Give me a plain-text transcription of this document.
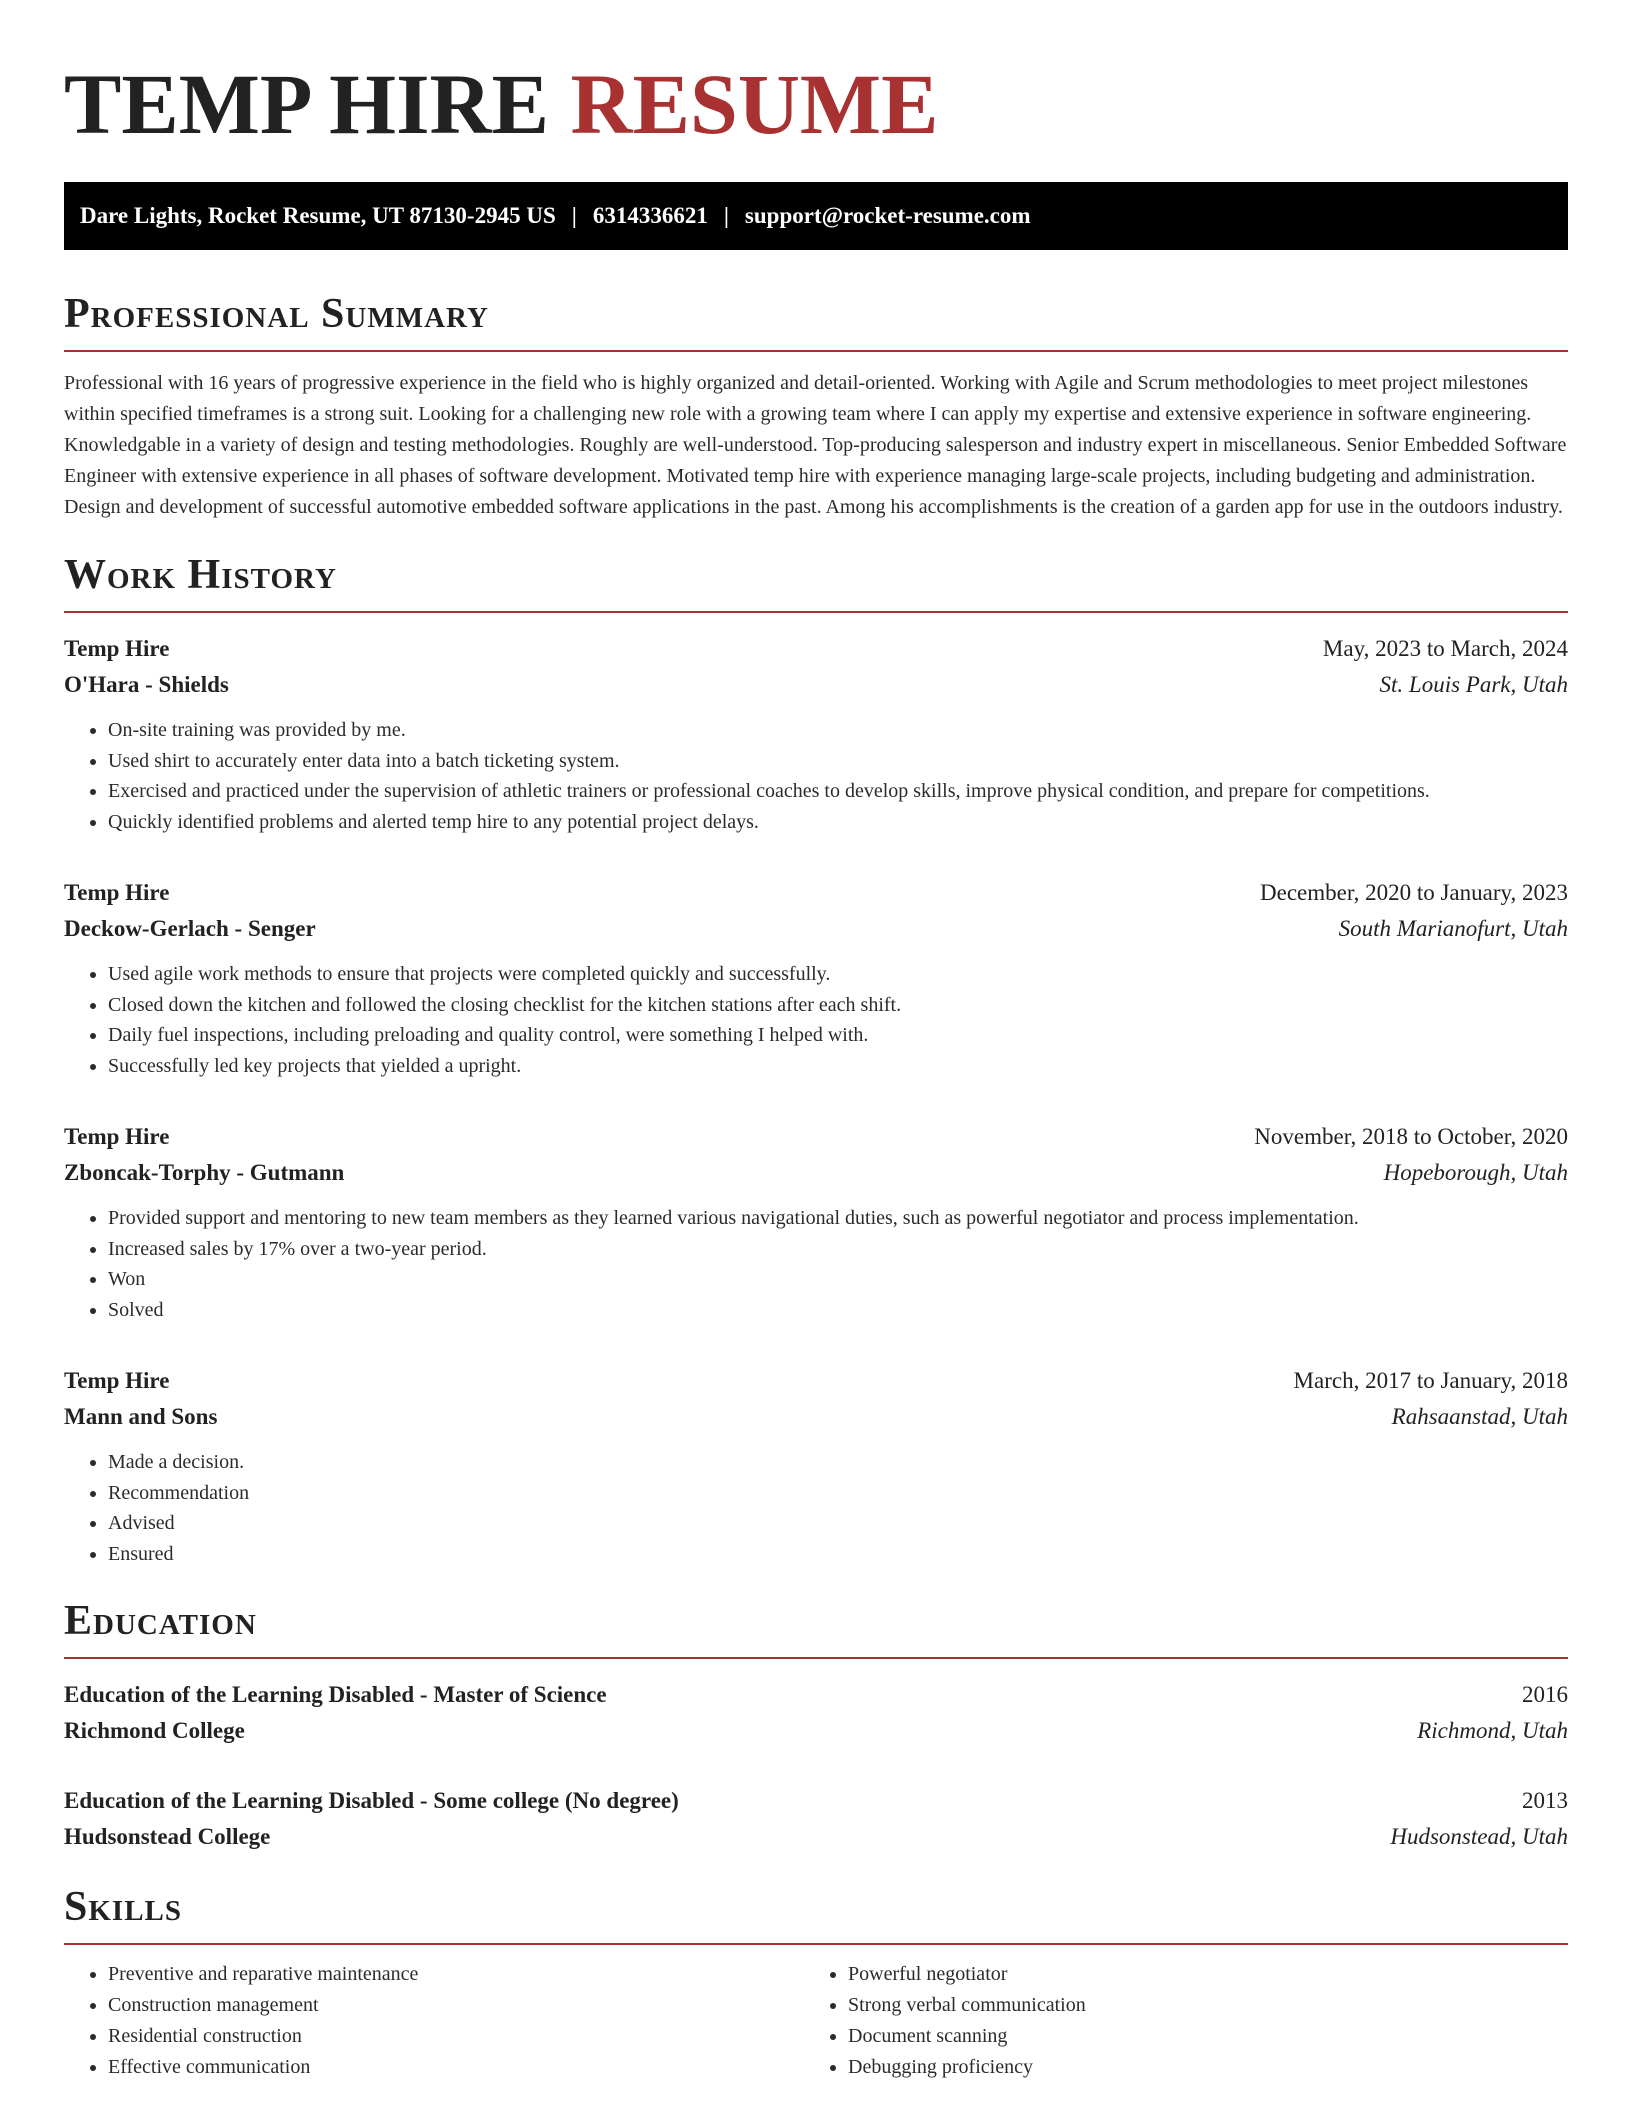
TEMP HIRE RESUME
Dare Lights, Rocket Resume, UT 87130-2945 US | 6314336621 | support@rocket-resume.com
Professional Summary

Professional with 16 years of progressive experience in the field who is highly organized and detail-oriented. Working with Agile and Scrum methodologies to meet project milestones within specified timeframes is a strong suit. Looking for a challenging new role with a growing team where I can apply my expertise and extensive experience in software engineering. Knowledgable in a variety of design and testing methodologies. Roughly are well-understood. Top-producing salesperson and industry expert in miscellaneous. Senior Embedded Software Engineer with extensive experience in all phases of software development. Motivated temp hire with experience managing large-scale projects, including budgeting and administration. Design and development of successful automotive embedded software applications in the past. Among his accomplishments is the creation of a garden app for use in the outdoors industry.

Work History
Temp Hire	May, 2023 to March, 2024
O'Hara - Shields	St. Louis Park, Utah
• On-site training was provided by me.
• Used shirt to accurately enter data into a batch ticketing system.
• Exercised and practiced under the supervision of athletic trainers or professional coaches to develop skills, improve physical condition, and prepare for competitions.
• Quickly identified problems and alerted temp hire to any potential project delays.
Temp Hire	December, 2020 to January, 2023
Deckow-Gerlach - Senger	South Marianofurt, Utah
• Used agile work methods to ensure that projects were completed quickly and successfully.
• Closed down the kitchen and followed the closing checklist for the kitchen stations after each shift.
• Daily fuel inspections, including preloading and quality control, were something I helped with.
• Successfully led key projects that yielded a upright.
Temp Hire	November, 2018 to October, 2020
Zboncak-Torphy - Gutmann	Hopeborough, Utah
• Provided support and mentoring to new team members as they learned various navigational duties, such as powerful negotiator and process implementation.
• Increased sales by 17% over a two-year period.
• Won
• Solved
Temp Hire	March, 2017 to January, 2018
Mann and Sons	Rahsaanstad, Utah
• Made a decision.
• Recommendation
• Advised
• Ensured
Education
Education of the Learning Disabled - Master of Science	2016
Richmond College	Richmond, Utah
Education of the Learning Disabled - Some college (No degree)	2013
Hudsonstead College	Hudsonstead, Utah
Skills
• Preventive and reparative maintenance
• Construction management
• Residential construction
• Effective communication
• Powerful negotiator
• Strong verbal communication
• Document scanning
• Debugging proficiency
